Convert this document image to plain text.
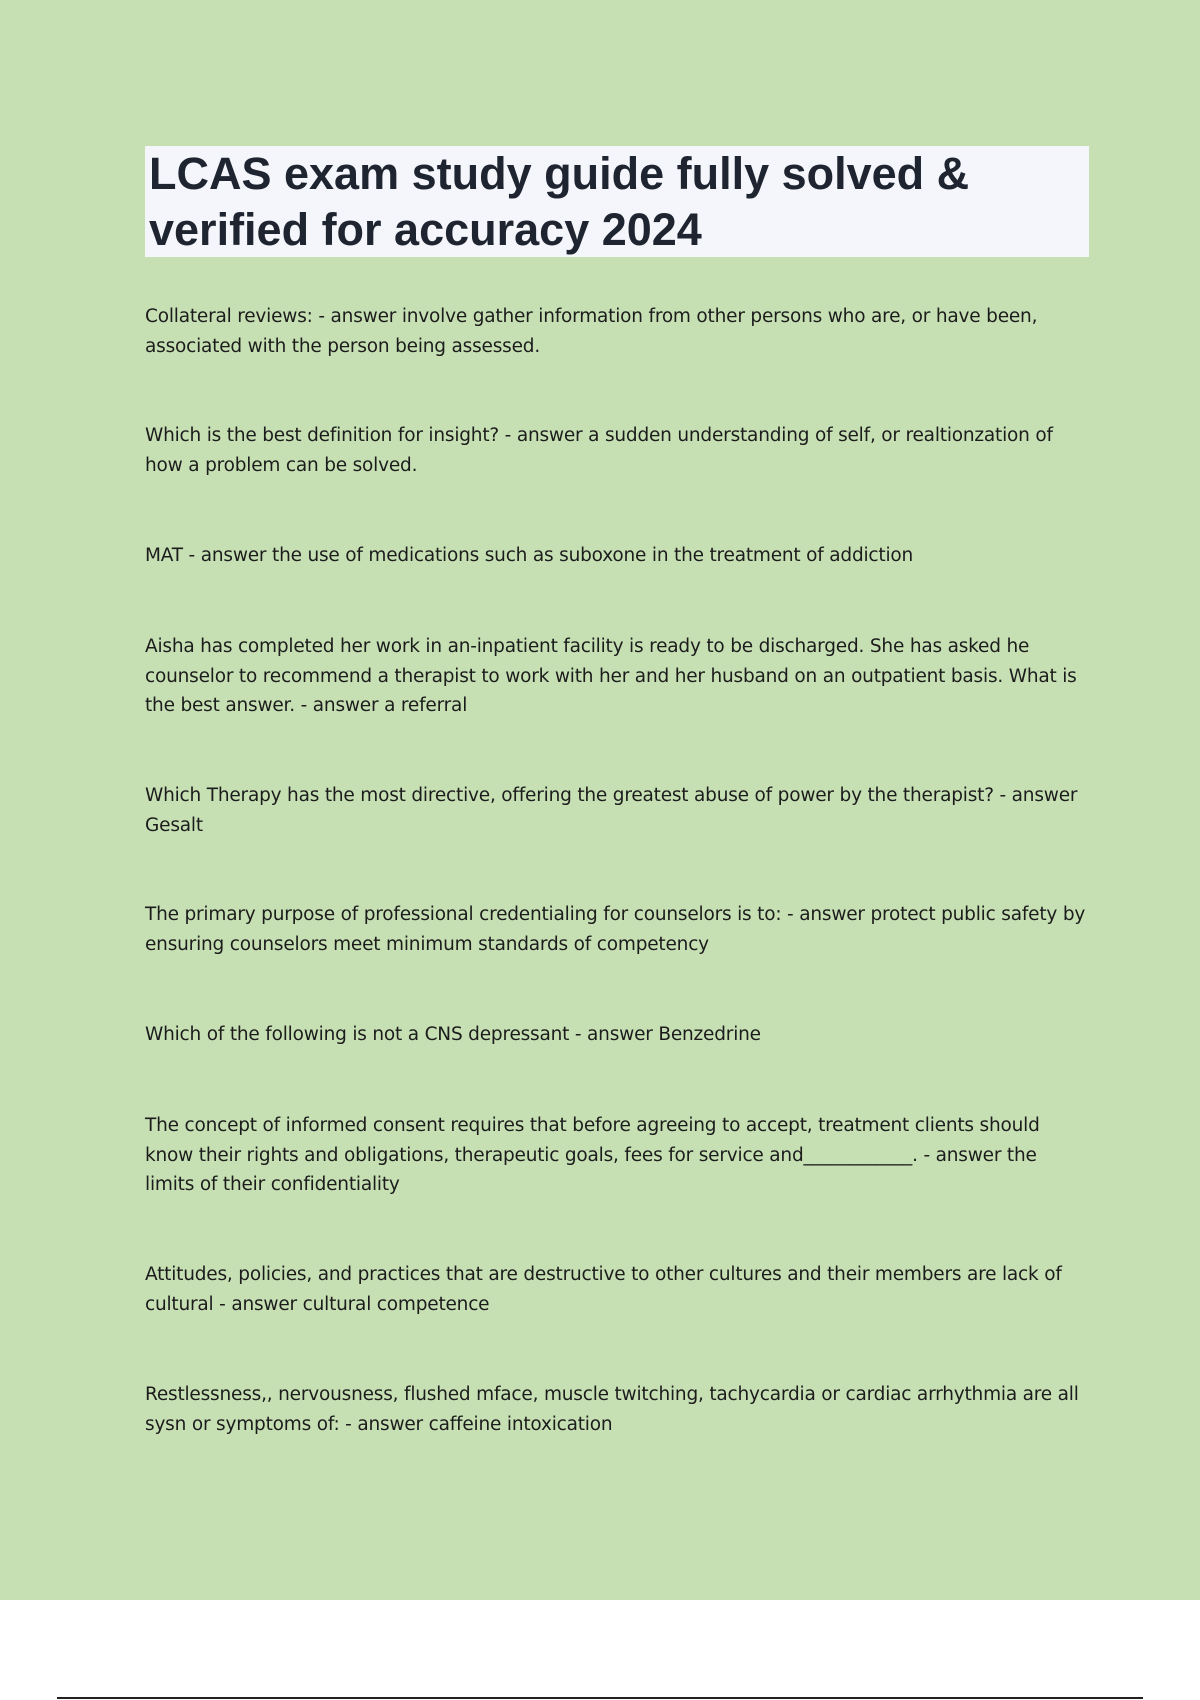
LCAS exam study guide fully solved & verified for accuracy 2024

Collateral reviews: - answer involve gather information from other persons who are, or have been, associated with the person being assessed.

Which is the best definition for insight? - answer a sudden understanding of self, or realtionzation of how a problem can be solved.

MAT - answer the use of medications such as suboxone in the treatment of addiction

Aisha has completed her work in an-inpatient facility is ready to be discharged. She has asked he counselor to recommend a therapist to work with her and her husband on an outpatient basis. What is the best answer. - answer a referral

Which Therapy has the most directive, offering the greatest abuse of power by the therapist? - answer Gesalt

The primary purpose of professional credentialing for counselors is to: - answer protect public safety by ensuring counselors meet minimum standards of competency

Which of the following is not a CNS depressant - answer Benzedrine

The concept of informed consent requires that before agreeing to accept, treatment clients should know their rights and obligations, therapeutic goals, fees for service and____________. - answer the limits of their confidentiality

Attitudes, policies, and practices that are destructive to other cultures and their members are lack of cultural - answer cultural competence

Restlessness,, nervousness, flushed mface, muscle twitching, tachycardia or cardiac arrhythmia are all sysn or symptoms of: - answer caffeine intoxication
